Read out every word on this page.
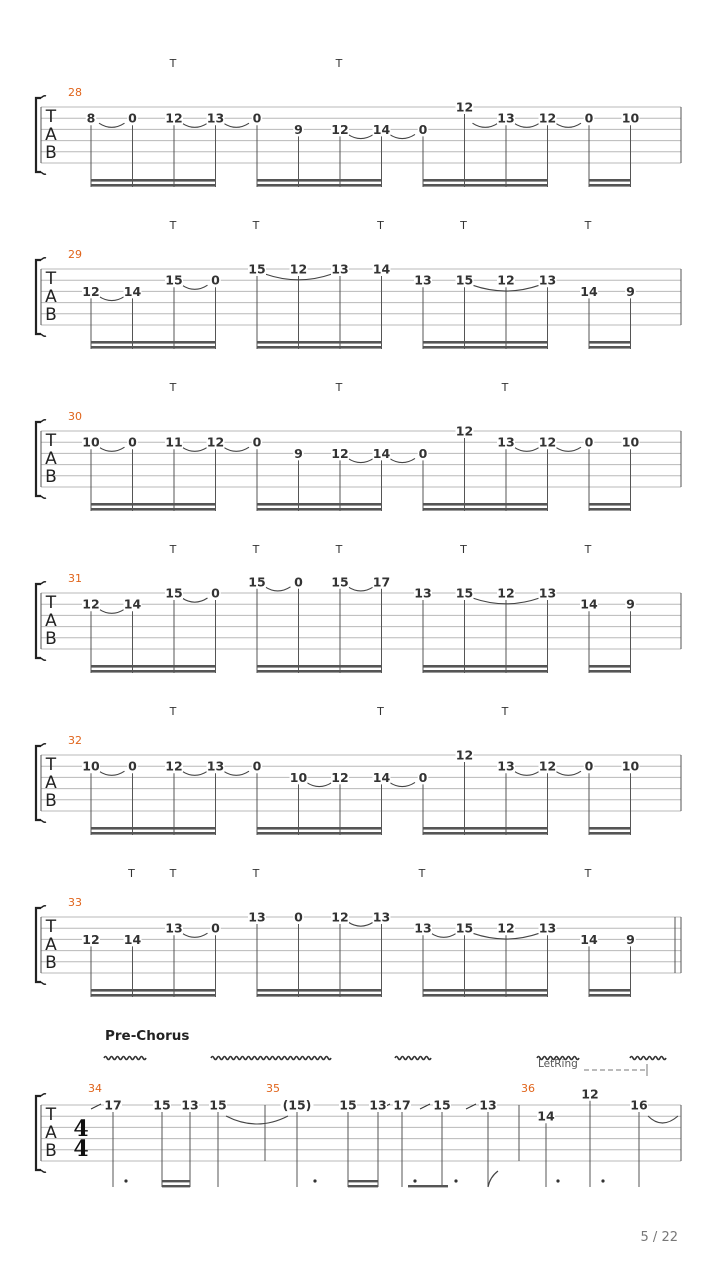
T
A
B
28
T	T
8	0 12 13 0
9 12 14 0
12
13 12 0 10
T
A
B
29
T	T	T	T	T
12 14
15 0
15 12 13 14
13 15 12 13
14 9
T
A
B
30
T	T	T
10 0 11 12 0
9 12 14 0
12
13 12 0 10
T
A
B
31
T	T	T	T	T
12 14
15 0
15 0 15 17
13 15 12 13
14 9
T
A
B
32
T	T	T
10 0 12 13 0
10 12 14 0
12
13 12 0 10
T
A
B
33
T	T	T	T	T
12 14
13 0
13 0 12 13
13 15 12 13
14 9
T
A
B
34	35	36
4
4
Pre-Chorus
LetRing
17	15 13 15	(15) 15 13 17 15 13
14
12
16
5 / 22
